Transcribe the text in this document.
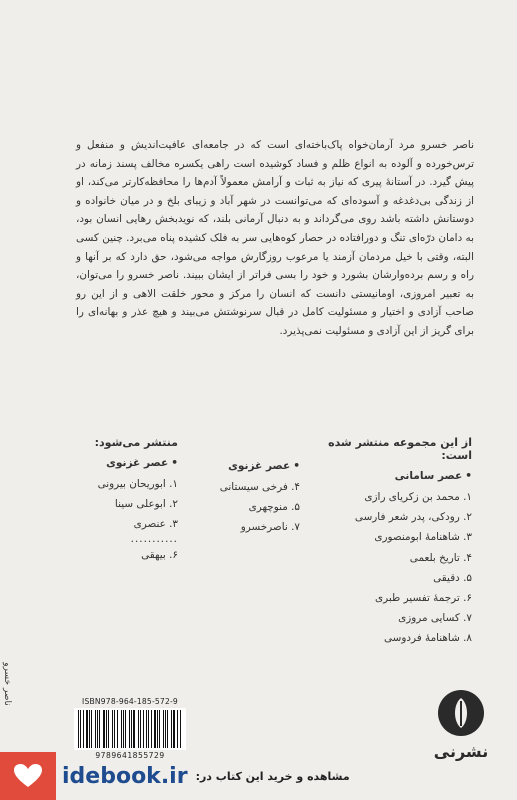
ناصر خسرو مرد آرمان‌خواه پاک‌باخته‌ای است که در جامعه‌ای عافیت‌اندیش و منفعل و ترس‌خورده و آلوده به انواع ظلم و فساد کوشیده است راهی یکسره مخالف پسند زمانه در پیش گیرد. در آستانهٔ پیری که نیاز به ثبات و آرامش معمولاً آدم‌ها را محافظه‌کارتر می‌کند، او از زندگی بی‌دغدغه و آسوده‌ای که می‌توانست در شهر آباد و زیبای بلخ و در میان خانواده و دوستانش داشته باشد روی می‌گرداند و به دنبال آرمانی بلند، که نویدبخش رهایی انسان بود، به دامان درّه‌ای تنگ و دورافتاده در حصار کوه‌هایی سر به فلک کشیده پناه می‌برد. چنین کسی البته، وقتی با خیل مردمان آزمند یا مرعوب روزگارش مواجه می‌شود، حق دارد که بر آنها و راه و رسم برده‌وارشان بشورد و خود را بسی فراتر از ایشان ببیند. ناصر خسرو را می‌توان، به تعبیر امروزی، اومانیستی دانست که انسان را مرکز و محور خلقت الاهی و از این رو صاحب آزادی و اختیار و مسئولیت کامل در قبال سرنوشتش می‌بیند و هیچ عذر و بهانه‌ای را برای گریز از این آزادی و مسئولیت نمی‌پذیرد.
از این مجموعه منتشر شده است:
• عصر سامانی
۱. محمد بن زکریای رازی
۲. رودکی، پدر شعر فارسی
۳. شاهنامهٔ ابومنصوری
۴. تاریخ بلعمی
۵. دقیقی
۶. ترجمهٔ تفسیر طبری
۷. کسایی مروزی
۸. شاهنامهٔ فردوسی
• عصر غزنوی
۴. فرخی سیستانی
۵. منوچهری
۷. ناصرخسرو
منتشر می‌شود:
• عصر غزنوی
۱. ابوریحان بیرونی
۲. ابوعلی سینا
۳. عنصری
...........
۶. بیهقی
ناصر خسرو	ISBN978-964-185-572-9
9789641855729	نشرنی
idebook.ir مشاهده و خرید این کتاب در:
